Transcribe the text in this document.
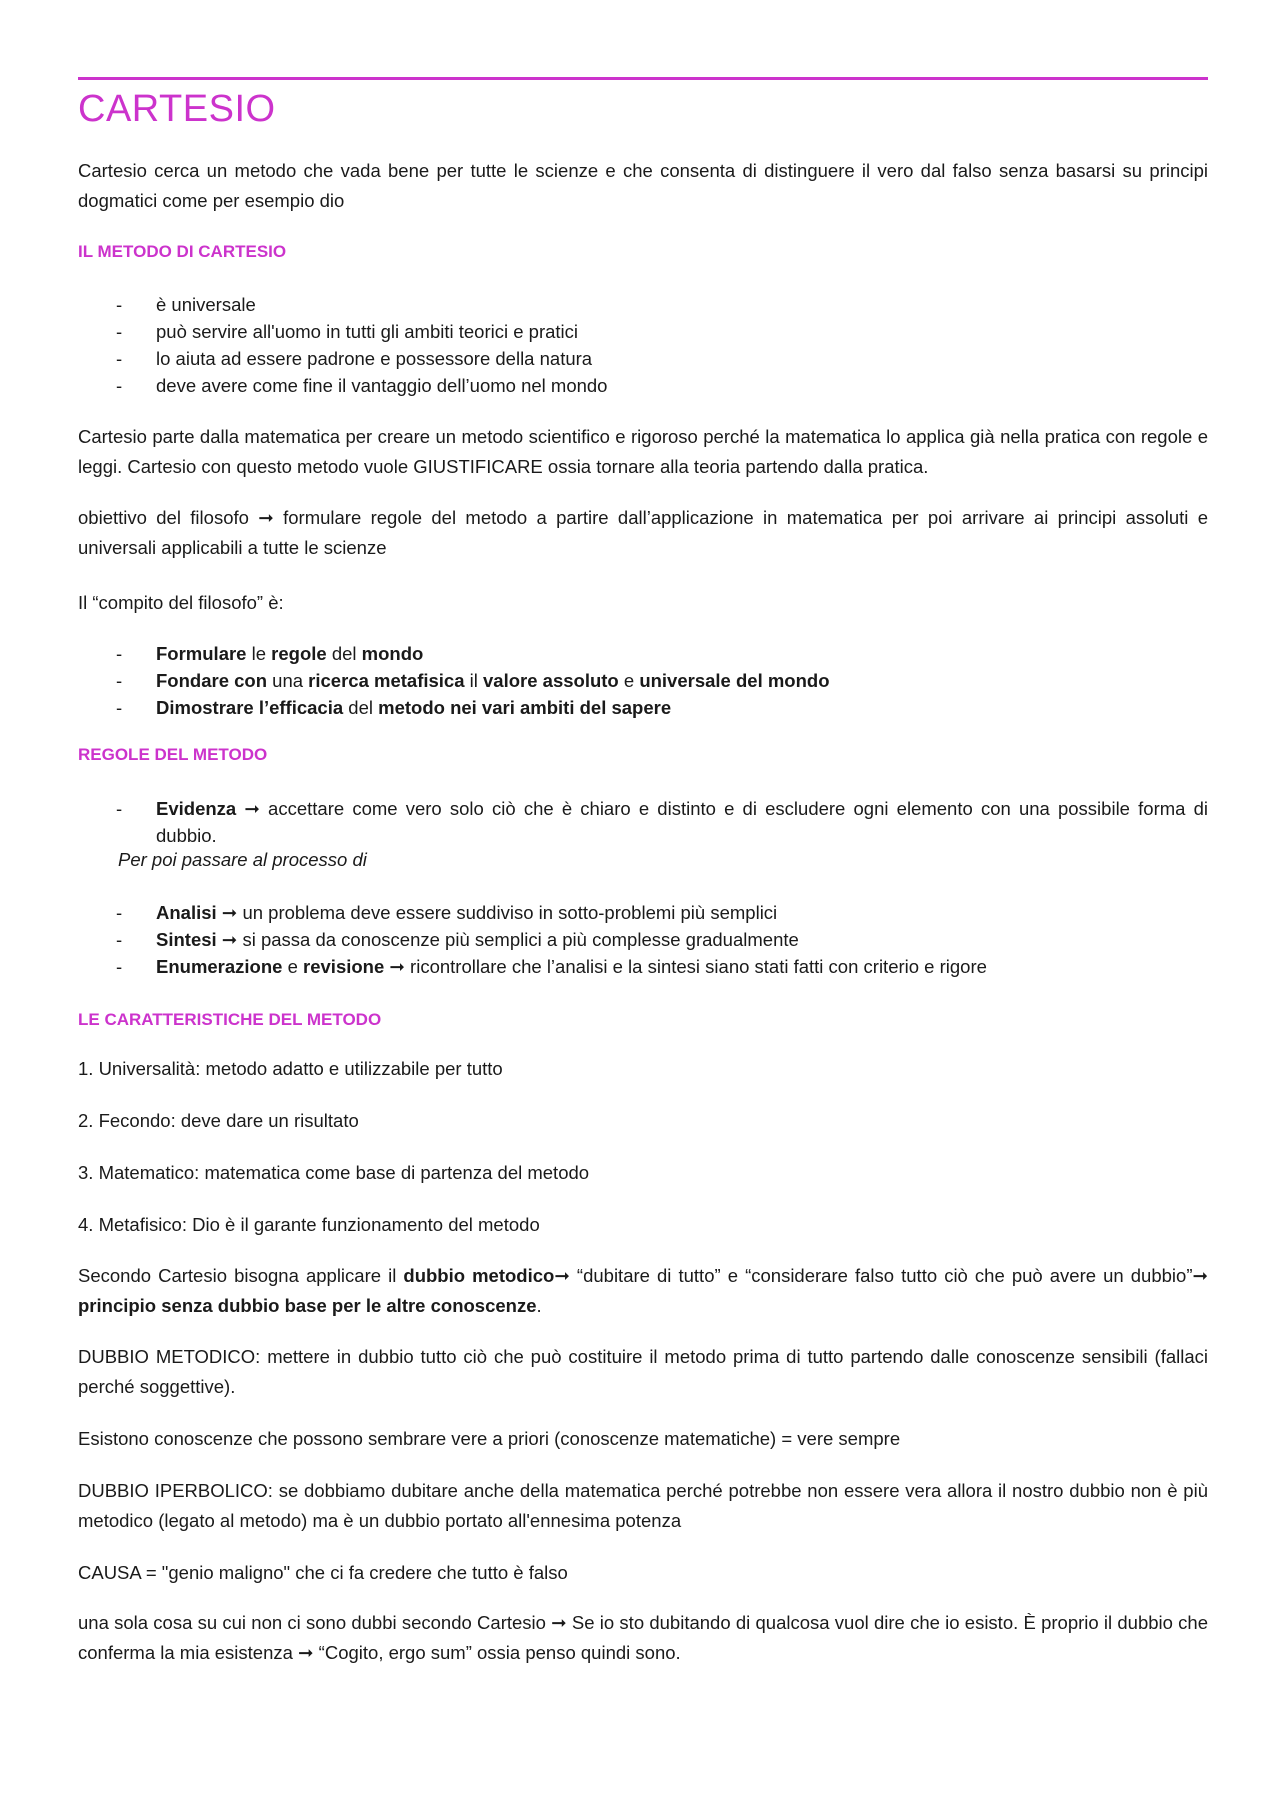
CARTESIO
Cartesio cerca un metodo che vada bene per tutte le scienze e che consenta di distinguere il vero dal falso senza basarsi su principi dogmatici come per esempio dio
IL METODO DI CARTESIO
- è universale
- può servire all'uomo in tutti gli ambiti teorici e pratici
- lo aiuta ad essere padrone e possessore della natura
- deve avere come fine il vantaggio dell’uomo nel mondo
Cartesio parte dalla matematica per creare un metodo scientifico e rigoroso perché la matematica lo applica già nella pratica con regole e leggi. Cartesio con questo metodo vuole GIUSTIFICARE ossia tornare alla teoria partendo dalla pratica.
obiettivo del filosofo ➞ formulare regole del metodo a partire dall’applicazione in matematica per poi arrivare ai principi assoluti e universali applicabili a tutte le scienze
Il “compito del filosofo” è:
- Formulare le regole del mondo
- Fondare con una ricerca metafisica il valore assoluto e universale del mondo
- Dimostrare l’efficacia del metodo nei vari ambiti del sapere
REGOLE DEL METODO
- Evidenza ➞ accettare come vero solo ciò che è chiaro e distinto e di escludere ogni elemento con una possibile forma di dubbio.
Per poi passare al processo di
- Analisi ➞ un problema deve essere suddiviso in sotto-problemi più semplici
- Sintesi ➞ si passa da conoscenze più semplici a più complesse gradualmente
- Enumerazione e revisione ➞ ricontrollare che l’analisi e la sintesi siano stati fatti con criterio e rigore
LE CARATTERISTICHE DEL METODO
1. Universalità: metodo adatto e utilizzabile per tutto
2. Fecondo: deve dare un risultato
3. Matematico: matematica come base di partenza del metodo
4. Metafisico: Dio è il garante funzionamento del metodo
Secondo Cartesio bisogna applicare il dubbio metodico➞ “dubitare di tutto” e “considerare falso tutto ciò che può avere un dubbio”➞ principio senza dubbio base per le altre conoscenze.
DUBBIO METODICO: mettere in dubbio tutto ciò che può costituire il metodo prima di tutto partendo dalle conoscenze sensibili (fallaci perché soggettive).
Esistono conoscenze che possono sembrare vere a priori (conoscenze matematiche) = vere sempre
DUBBIO IPERBOLICO: se dobbiamo dubitare anche della matematica perché potrebbe non essere vera allora il nostro dubbio non è più metodico (legato al metodo) ma è un dubbio portato all'ennesima potenza
CAUSA = "genio maligno" che ci fa credere che tutto è falso
una sola cosa su cui non ci sono dubbi secondo Cartesio ➞ Se io sto dubitando di qualcosa vuol dire che io esisto. È proprio il dubbio che conferma la mia esistenza ➞ “Cogito, ergo sum” ossia penso quindi sono.
